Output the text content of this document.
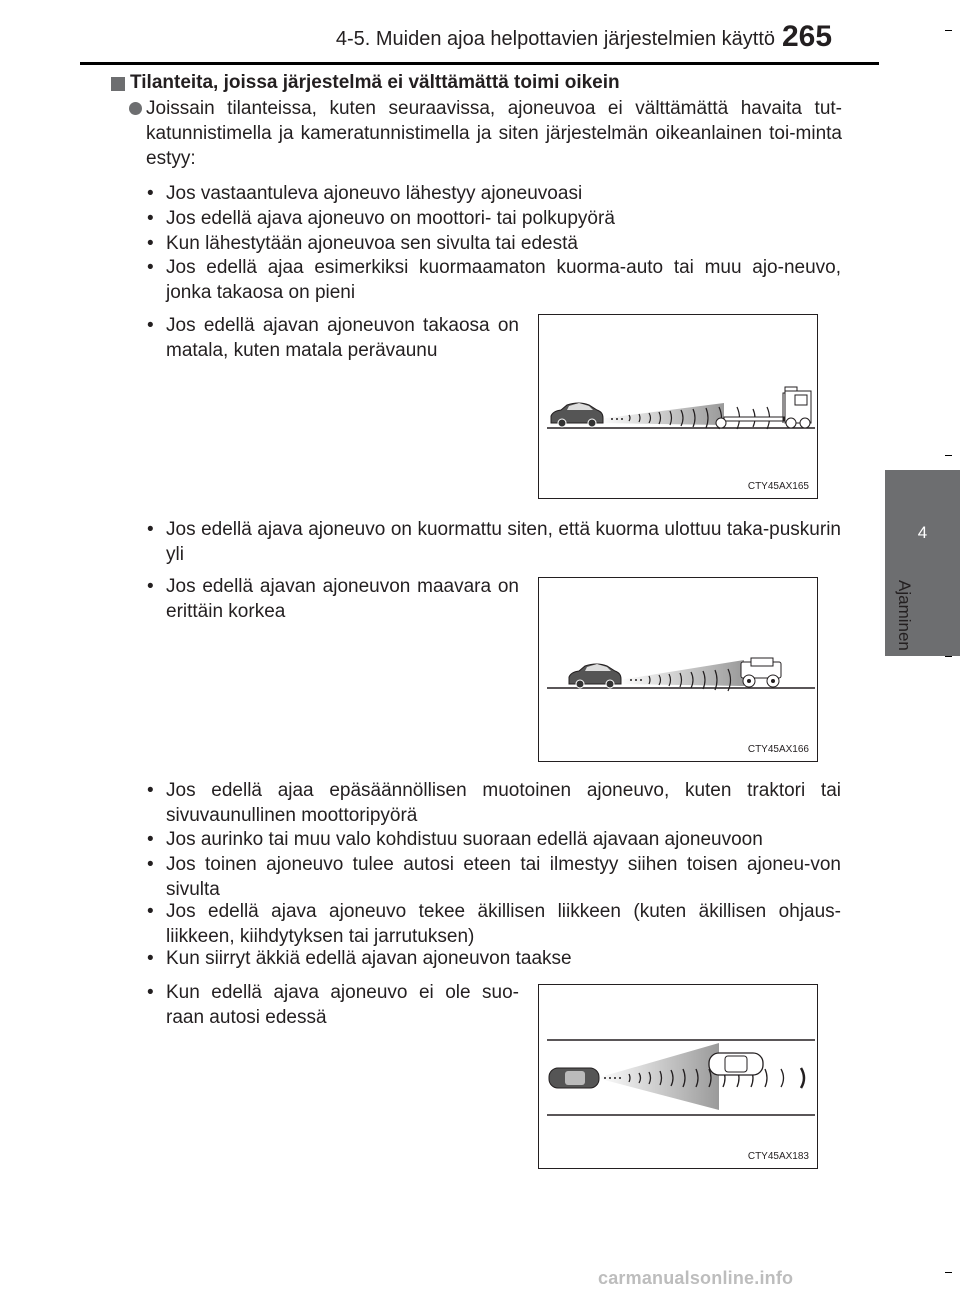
4-5. Muiden ajoa helpottavien järjestelmien käyttö 265
4
Ajaminen
Tilanteita, joissa järjestelmä ei välttämättä toimi oikein
Joissain tilanteissa, kuten seuraavissa, ajoneuvoa ei välttämättä havaita tut-katunnistimella ja kameratunnistimella ja siten järjestelmän oikeanlainen toi-minta estyy:
• Jos vastaantuleva ajoneuvo lähestyy ajoneuvoasi
• Jos edellä ajava ajoneuvo on moottori- tai polkupyörä
• Kun lähestytään ajoneuvoa sen sivulta tai edestä
• Jos edellä ajaa esimerkiksi kuormaamaton kuorma-auto tai muu ajo-neuvo, jonka takaosa on pieni
• Jos edellä ajavan ajoneuvon takaosa on matala, kuten matala perävaunu
CTY45AX165
• Jos edellä ajava ajoneuvo on kuormattu siten, että kuorma ulottuu taka-puskurin yli
• Jos edellä ajavan ajoneuvon maavara on erittäin korkea
CTY45AX166
• Jos edellä ajaa epäsäännöllisen muotoinen ajoneuvo, kuten traktori tai sivuvaunullinen moottoripyörä
• Jos aurinko tai muu valo kohdistuu suoraan edellä ajavaan ajoneuvoon
• Jos toinen ajoneuvo tulee autosi eteen tai ilmestyy siihen toisen ajoneu-von sivulta
• Jos edellä ajava ajoneuvo tekee äkillisen liikkeen (kuten äkillisen ohjaus-liikkeen, kiihdytyksen tai jarrutuksen)
• Kun siirryt äkkiä edellä ajavan ajoneuvon taakse
• Kun edellä ajava ajoneuvo ei ole suo-raan autosi edessä
CTY45AX183
carmanualsonline.info
